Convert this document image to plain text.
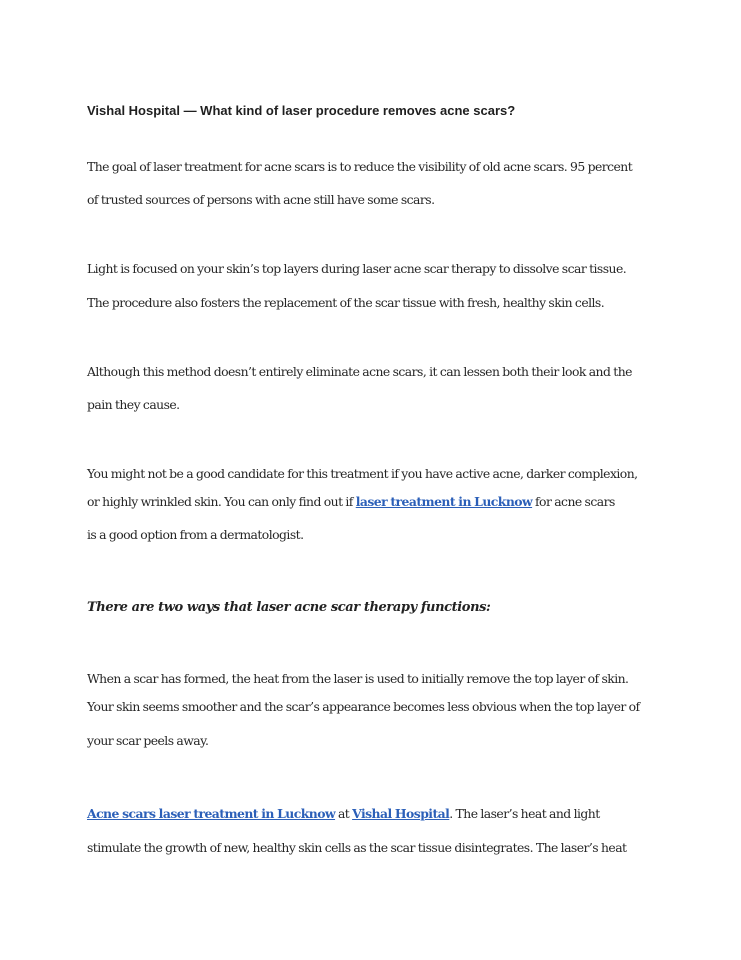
Vishal Hospital — What kind of laser procedure removes acne scars?

The goal of laser treatment for acne scars is to reduce the visibility of old acne scars. 95 percent

of trusted sources of persons with acne still have some scars.

Light is focused on your skin’s top layers during laser acne scar therapy to dissolve scar tissue.

The procedure also fosters the replacement of the scar tissue with fresh, healthy skin cells.

Although this method doesn’t entirely eliminate acne scars, it can lessen both their look and the

pain they cause.

You might not be a good candidate for this treatment if you have active acne, darker complexion,

or highly wrinkled skin. You can only find out if laser treatment in Lucknow for acne scars

is a good option from a dermatologist.

There are two ways that laser acne scar therapy functions:

When a scar has formed, the heat from the laser is used to initially remove the top layer of skin.

Your skin seems smoother and the scar’s appearance becomes less obvious when the top layer of

your scar peels away.

Acne scars laser treatment in Lucknow at Vishal Hospital. The laser’s heat and light

stimulate the growth of new, healthy skin cells as the scar tissue disintegrates. The laser’s heat
